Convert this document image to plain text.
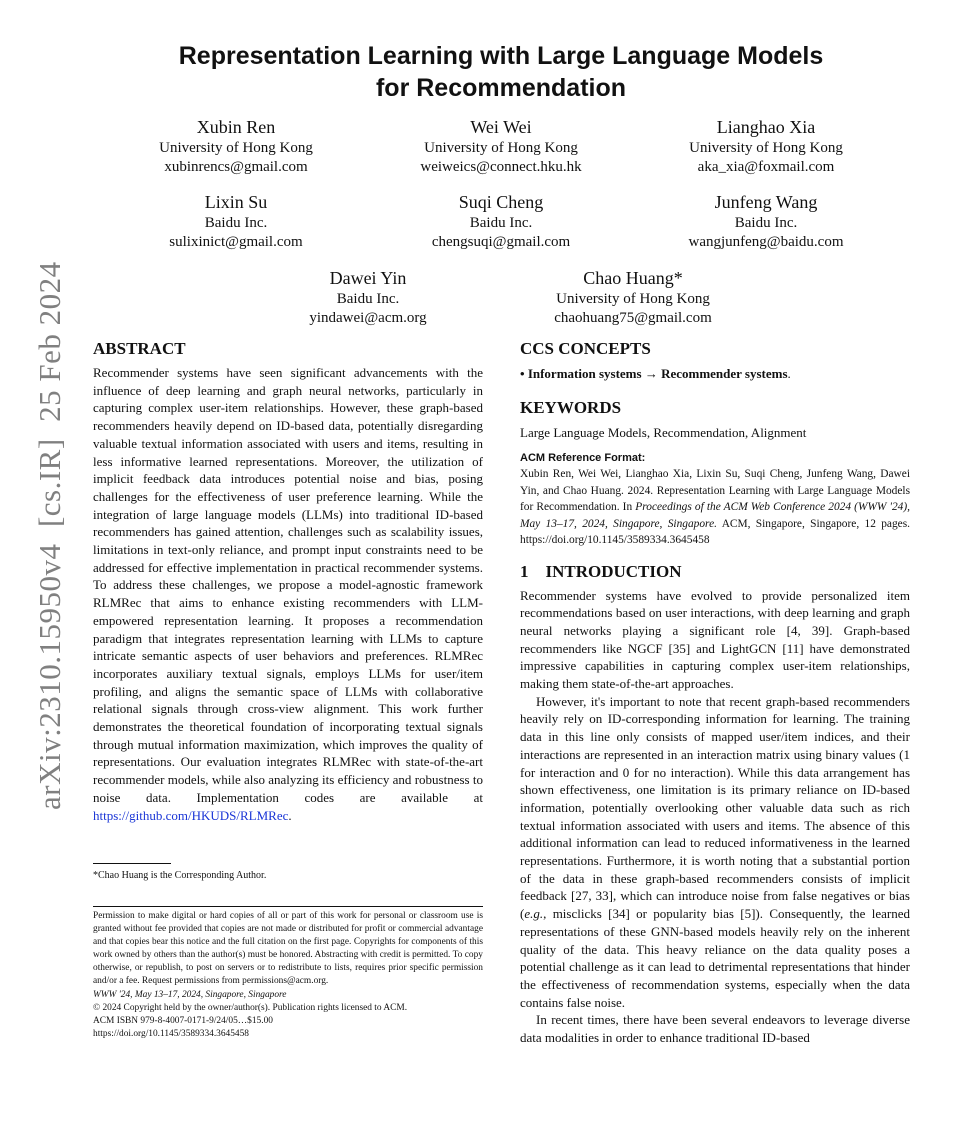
Representation Learning with Large Language Models
for Recommendation
Xubin Ren
University of Hong Kong
xubinrencs@gmail.com
Wei Wei
University of Hong Kong
weiweics@connect.hku.hk
Lianghao Xia
University of Hong Kong
aka_xia@foxmail.com
Lixin Su
Baidu Inc.
sulixinict@gmail.com
Suqi Cheng
Baidu Inc.
chengsuqi@gmail.com
Junfeng Wang
Baidu Inc.
wangjunfeng@baidu.com
Dawei Yin
Baidu Inc.
yindawei@acm.org
Chao Huang*
University of Hong Kong
chaohuang75@gmail.com
arXiv:2310.15950v4  [cs.IR]  25 Feb 2024 ABSTRACT

Recommender systems have seen significant advancements with the influence of deep learning and graph neural networks, particularly in capturing complex user-item relationships. However, these graph-based recommenders heavily depend on ID-based data, potentially disregarding valuable textual information associated with users and items, resulting in less informative learned representations. Moreover, the utilization of implicit feedback data introduces potential noise and bias, posing challenges for the effectiveness of user preference learning. While the integration of large language models (LLMs) into traditional ID-based recommenders has gained attention, challenges such as scalability issues, limitations in text-only reliance, and prompt input constraints need to be addressed for effective implementation in practical recommender systems. To address these challenges, we propose a model-agnostic framework RLMRec that aims to enhance existing recommenders with LLM-empowered representation learning. It proposes a recommendation paradigm that integrates representation learning with LLMs to capture intricate semantic aspects of user behaviors and preferences. RLMRec incorporates auxiliary textual signals, employs LLMs for user/item profiling, and aligns the semantic space of LLMs with collaborative relational signals through cross-view alignment. This work further demonstrates the theoretical foundation of incorporating textual signals through mutual information maximization, which improves the quality of representations. Our evaluation integrates RLMRec with state-of-the-art recommender models, while also analyzing its efficiency and robustness to noise data. Implementation codes are available at https://github.com/HKUDS/RLMRec.

*Chao Huang is the Corresponding Author.

Permission to make digital or hard copies of all or part of this work for personal or classroom use is granted without fee provided that copies are not made or distributed for profit or commercial advantage and that copies bear this notice and the full citation on the first page. Copyrights for components of this work owned by others than the author(s) must be honored. Abstracting with credit is permitted. To copy otherwise, or republish, to post on servers or to redistribute to lists, requires prior specific permission and/or a fee. Request permissions from permissions@acm.org.

WWW '24, May 13–17, 2024, Singapore, Singapore

© 2024 Copyright held by the owner/author(s). Publication rights licensed to ACM.

ACM ISBN 979-8-4007-0171-9/24/05…$15.00

https://doi.org/10.1145/3589334.3645458

CCS CONCEPTS

• Information systems → Recommender systems.

KEYWORDS

Large Language Models, Recommendation, Alignment

ACM Reference Format:

Xubin Ren, Wei Wei, Lianghao Xia, Lixin Su, Suqi Cheng, Junfeng Wang, Dawei Yin, and Chao Huang. 2024. Representation Learning with Large Language Models for Recommendation. In Proceedings of the ACM Web Conference 2024 (WWW '24), May 13–17, 2024, Singapore, Singapore. ACM, Singapore, Singapore, 12 pages. https://doi.org/10.1145/3589334.3645458

1    INTRODUCTION

Recommender systems have evolved to provide personalized item recommendations based on user interactions, with deep learning and graph neural networks playing a significant role [4, 39]. Graph-based recommenders like NGCF [35] and LightGCN [11] have demonstrated impressive capabilities in capturing complex user-item relationships, making them state-of-the-art approaches.

However, it's important to note that recent graph-based recommenders heavily rely on ID-corresponding information for learning. The training data in this line only consists of mapped user/item indices, and their interactions are represented in an interaction matrix using binary values (1 for interaction and 0 for no interaction). While this data arrangement has shown effectiveness, one limitation is its primary reliance on ID-based information, potentially overlooking other valuable data such as rich textual information associated with users and items. The absence of this additional information can lead to reduced informativeness in the learned representations. Furthermore, it is worth noting that a substantial portion of the data in these graph-based recommenders consists of implicit feedback [27, 33], which can introduce noise from false negatives or bias (e.g., misclicks [34] or popularity bias [5]). Consequently, the learned representations of these GNN-based models heavily rely on the inherent quality of the data. This heavy reliance on the data quality poses a potential challenge as it can lead to detrimental representations that hinder the effectiveness of recommendation systems, especially when the data contains false noise.

In recent times, there have been several endeavors to leverage diverse data modalities in order to enhance traditional ID-based
